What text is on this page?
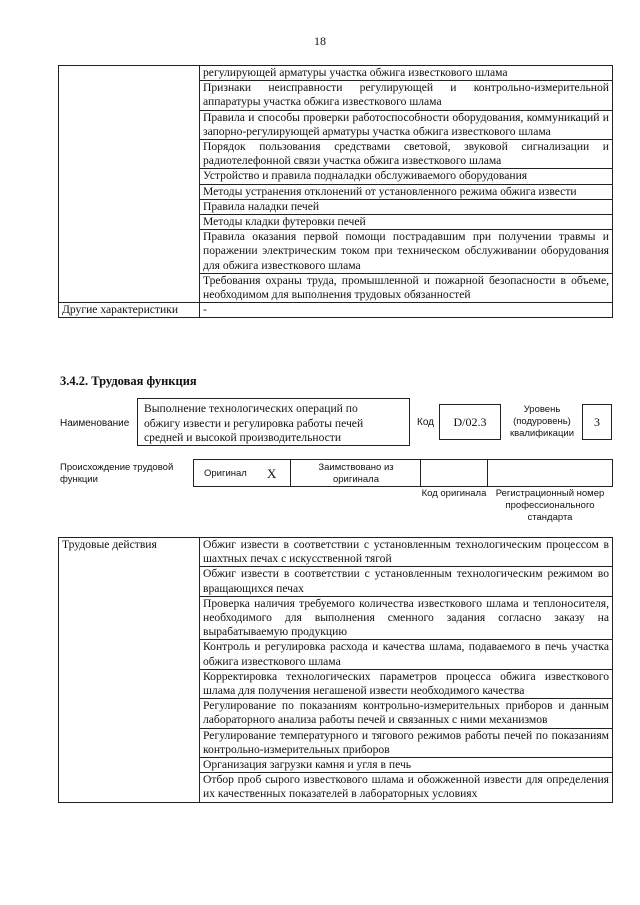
18
	регулирующей арматуры участка обжига известкового шлама
	Признаки неисправности регулирующей и контрольно-измерительной аппаратуры участка обжига известкового шлама
	Правила и способы проверки работоспособности оборудования, коммуникаций и запорно-регулирующей арматуры участка обжига известкового шлама
	Порядок пользования средствами световой, звуковой сигнализации и радиотелефонной связи участка обжига известкового шлама
	Устройство и правила подналадки обслуживаемого оборудования
	Методы устранения отклонений от установленного режима обжига извести
	Правила наладки печей
	Методы кладки футеровки печей
	Правила оказания первой помощи пострадавшим при получении травмы и поражении электрическим током при техническом обслуживании оборудования для обжига известкового шлама
	Требования охраны труда, промышленной и пожарной безопасности в объеме, необходимом для выполнения трудовых обязанностей
Другие характеристики	-
3.4.2. Трудовая функция
Наименование
Выполнение технологических операций по обжигу извести и регулировка работы печей средней и высокой производительности
Код	D/02.3
Уровень (подуровень) квалификации
3
Происхождение трудовой функции
Оригинал X	Заимствовано из оригинала
Код оригинала Регистрационный номер профессионального стандарта
Трудовые действия	Обжиг извести в соответствии с установленным технологическим процессом в шахтных печах с искусственной тягой
Обжиг извести в соответствии с установленным технологическим режимом во вращающихся печах
Проверка наличия требуемого количества известкового шлама и теплоносителя, необходимого для выполнения сменного задания согласно заказу на вырабатываемую продукцию
Контроль и регулировка расхода и качества шлама, подаваемого в печь участка обжига известкового шлама
Корректировка технологических параметров процесса обжига известкового шлама для получения негашеной извести необходимого качества
Регулирование по показаниям контрольно-измерительных приборов и данным лабораторного анализа работы печей и связанных с ними механизмов
Регулирование температурного и тягового режимов работы печей по показаниям контрольно-измерительных приборов
Организация загрузки камня и угля в печь
Отбор проб сырого известкового шлама и обожженной извести для определения их качественных показателей в лабораторных условиях
